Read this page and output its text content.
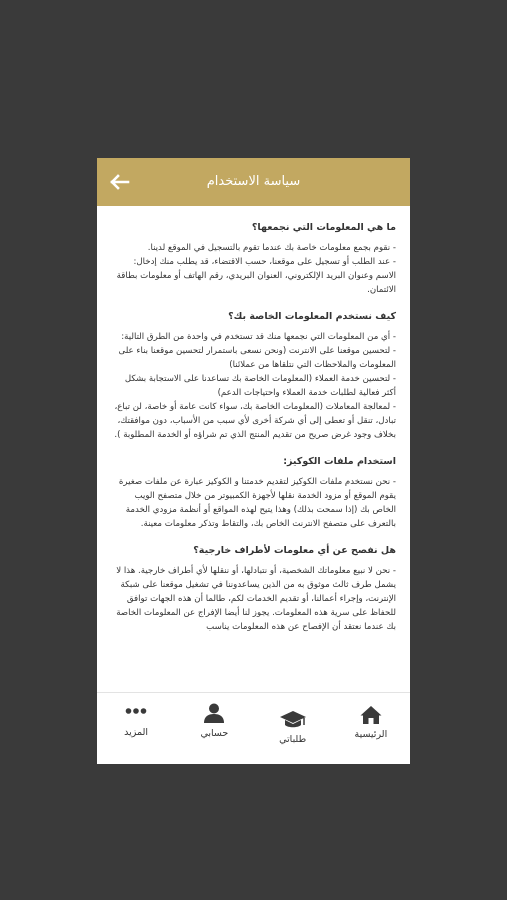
سياسة الاستخدام
ما هي المعلومات التي نجمعها؟

- نقوم بجمع معلومات خاصة بك عندما تقوم بالتسجيل في الموقع لدينا.
- عند الطلب أو تسجيل على موقعنا، حسب الاقتضاء، قد يطلب منك إدخال: الاسم وعنوان البريد الإلكتروني، العنوان البريدي، رقم الهاتف أو معلومات بطاقة الائتمان.

كيف نستخدم المعلومات الخاصة بك؟

- أي من المعلومات التي نجمعها منك قد تستخدم في واحدة من الطرق التالية:
- لتحسين موقعنا على الانترنت (ونحن نسعى باستمرار لتحسين موقعنا بناء على المعلومات والملاحظات التي نتلقاها من عملائنا)
- لتحسين خدمة العملاء (المعلومات الخاصة بك تساعدنا على الاستجابة بشكل أكثر فعالية لطلبات خدمة العملاء واحتياجات الدعم)
- لمعالجة المعاملات (المعلومات الخاصة بك، سواء كانت عامة أو خاصة، لن تباع، تبادل، تنقل أو تعطى إلى أي شركة أخرى لأي سبب من الأسباب، دون موافقتك، بخلاف وجود غرض صريح من تقديم المنتج الذي تم شراؤه أو الخدمة المطلوبة ).

استخدام ملفات الكوكيز:

- نحن نستخدم ملفات الكوكيز لتقديم خدمتنا و الكوكيز عبارة عن ملفات صغيرة يقوم الموقع أو مزود الخدمة نقلها لأجهزة الكمبيوتر من خلال متصفح الويب الخاص بك (إذا سمحت بذلك) وهذا يتيح لهذه المواقع أو أنظمة مزودي الخدمة بالتعرف على متصفح الانترنت الخاص بك، والتقاط وتذكر معلومات معينة.

هل نفصح عن أي معلومات لأطراف خارجية؟

- نحن لا نبيع معلوماتك الشخصية، أو نتبادلها، أو ننقلها لأي أطراف خارجية. هذا لا يشمل طرف ثالث موثوق به من الذين يساعدوننا في تشغيل موقعنا على شبكة الإنترنت، وإجراء أعمالنا، أو تقديم الخدمات لكم، طالما أن هذه الجهات توافق للحفاظ على سرية هذه المعلومات. يجوز لنا أيضا الإفراج عن المعلومات الخاصة بك عندما نعتقد أن الإفصاح عن هذه المعلومات يناسب

الرئيسية
طلباتي
حسابي
المزيد
